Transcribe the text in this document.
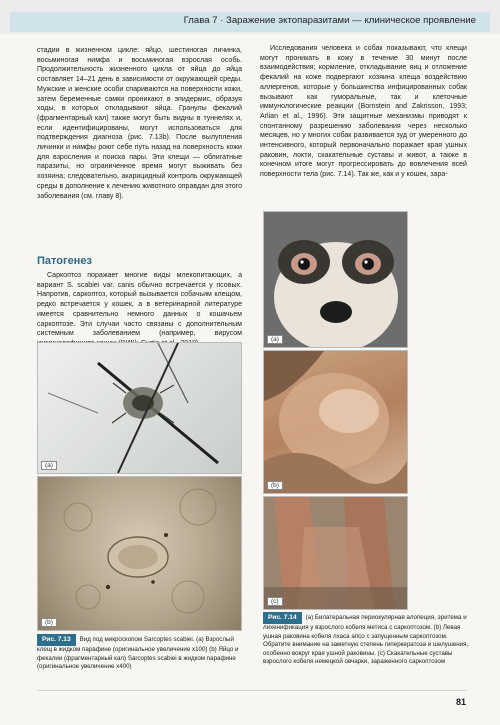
Глава 7 · Заражение эктопаразитами — клиническое проявление

стадии в жизненном цикле: яйцо, шестиногая личинка, восьминогая нимфа и восьминогая взрослая особь. Продолжительность жизненного цикла от яйца до яйца составляет 14–21 день в зависимости от окружающей среды. Мужские и женские особи спариваются на поверхности кожи, затем беременные самки проникают в эпидермис, образуя ходы, в которых откладывают яйца. Гранулы фекалий (фрагментарный кал) также могут быть видны в туннелях и, если идентифицированы, могут использоваться для подтверждения диагноза (рис. 7.13b). После вылупления личинки и нимфы роют себе путь назад на поверхность кожи для взросления и поиска пары. Эти клещи — облигатные паразиты, но ограниченное время могут выживать без хозяина; следовательно, акарицидный контроль окружающей среды в дополнение к лечению животного оправдан для этого заболевания (см. главу 8).

Патогенез

Саркоптоз поражает многие виды млекопитающих, а вариант S. scabiei var. canis обычно встречается у псовых. Напротив, саркоптоз, который вызывается собачьим клещом, редко встречается у кошек, а в ветеринарной литературе имеется сравнительно немного данных о кошачьем саркоптозе. Эти случаи часто связаны с дополнительным системным заболеванием (например, вирусом

Исследования человека и собак показывают, что клещи могут проникать в кожу в течение 30 минут после взаимодействия; кормление, откладывание яиц и отложение фекалий на коже подвергают хозяина клеща воздействию аллергенов, которые у большинства инфицированных собак вызывают как гуморальные, так и клеточные иммунологические реакции (Bornstein and Zakrisson, 1993; Arlian et al., 1996). Эти защитные механизмы приводят к спонтанному разрешению заболевания через несколько месяцев, но у многих собак развивается зуд от умеренного до интенсивного, который первоначально поражает края ушных раковин, локти, скакательные суставы и живот, а также в конечном итоге могут прогрессировать до вовлечения всей поверхности тела (рис. 7.14). Так же, как и у кошек, зара-

(a)
(b)
Рис. 7.13 Вид под микроскопом Sarcoptes scabiei. (a) Взрослый клещ в жидком парафине (оригинальное увеличение x100) (b) Яйцо и фекалии (фрагментарный кал) Sarcoptes scabiei в жидком парафине (оригинальное увеличение x400)
(a)
(b)
(c)
Рис. 7.14 (a) Билатеральная периокулярная алопеция, эритема и лихенификация у взрослого кобеля метиса с саркоптозом. (b) Левая ушная раковина кобеля лхаса апсо с запущенным саркоптозом. Обратите внимание на заметную степень гиперкератоза и шелушения, особенно вокруг края ушной раковины. (c) Скакательные суставы взрослого кобеля немецкой овчарки, зараженного саркоптозом
81
